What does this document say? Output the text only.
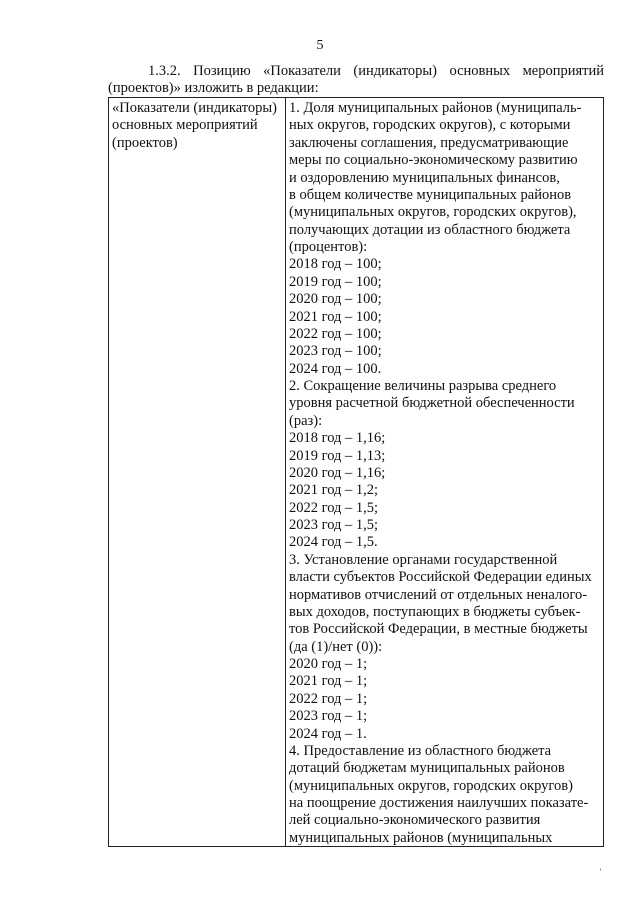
5
1.3.2. Позицию «Показатели (индикаторы) основных мероприятий
(проектов)» изложить в редакции:
«Показатели (индикаторы)
основных мероприятий
(проектов)
1. Доля муниципальных районов (муниципаль-
ных округов, городских округов), с которыми
заключены соглашения, предусматривающие
меры по социально-экономическому развитию
и оздоровлению муниципальных финансов,
в общем количестве муниципальных районов
(муниципальных округов, городских округов),
получающих дотации из областного бюджета
(процентов):
2018 год – 100;
2019 год – 100;
2020 год – 100;
2021 год – 100;
2022 год – 100;
2023 год – 100;
2024 год – 100.
2. Сокращение величины разрыва среднего
уровня расчетной бюджетной обеспеченности
(раз):
2018 год – 1,16;
2019 год – 1,13;
2020 год – 1,16;
2021 год – 1,2;
2022 год – 1,5;
2023 год – 1,5;
2024 год – 1,5.
3. Установление органами государственной
власти субъектов Российской Федерации единых
нормативов отчислений от отдельных неналого-
вых доходов, поступающих в бюджеты субъек-
тов Российской Федерации, в местные бюджеты
(да (1)/нет (0)):
2020 год – 1;
2021 год – 1;
2022 год – 1;
2023 год – 1;
2024 год – 1.
4. Предоставление из областного бюджета
дотаций бюджетам муниципальных районов
(муниципальных округов, городских округов)
на поощрение достижения наилучших показате-
лей социально-экономического развития
муниципальных районов (муниципальных
